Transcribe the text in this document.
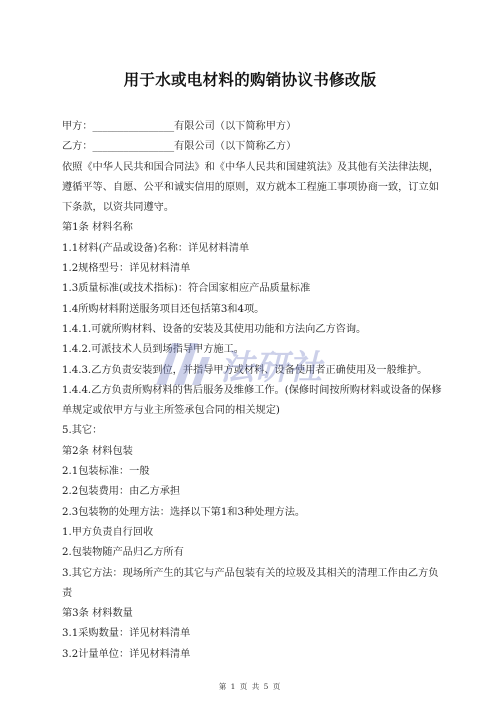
用于水或电材料的购销协议书修改版
甲方：________________有限公司（以下简称甲方）
乙方：________________有限公司（以下简称乙方）
依照《中华人民共和国合同法》和《中华人民共和国建筑法》及其他有关法律法规，
遵循平等、自愿、公平和诚实信用的原则，双方就本工程施工事项协商一致，订立如
下条款，以资共同遵守。
第1条 材料名称
1.1材料(产品或设备)名称：详见材料清单
1.2规格型号：详见材料清单
1.3质量标准(或技术指标)：符合国家相应产品质量标准
1.4所购材料附送服务项目还包括第3和4项。
1.4.1.可就所购材料、设备的安装及其使用功能和方法向乙方咨询。
1.4.2.可派技术人员到场指导甲方施工。
1.4.3.乙方负责安装到位，并指导甲方或材料、设备使用者正确使用及一般维护。
1.4.4.乙方负责所购材料的售后服务及维修工作。(保修时间按所购材料或设备的保修
单规定或依甲方与业主所签承包合同的相关规定)
5.其它：
第2条 材料包装
2.1包装标准：一般
2.2包装费用：由乙方承担
2.3包装物的处理方法：选择以下第1和3种处理方法。
1.甲方负责自行回收
2.包装物随产品归乙方所有
3.其它方法：现场所产生的其它与产品包装有关的垃圾及其相关的清理工作由乙方负
责
第3条 材料数量
3.1采购数量：详见材料清单
3.2计量单位：详见材料清单
法研社
第 1 页 共 5 页
